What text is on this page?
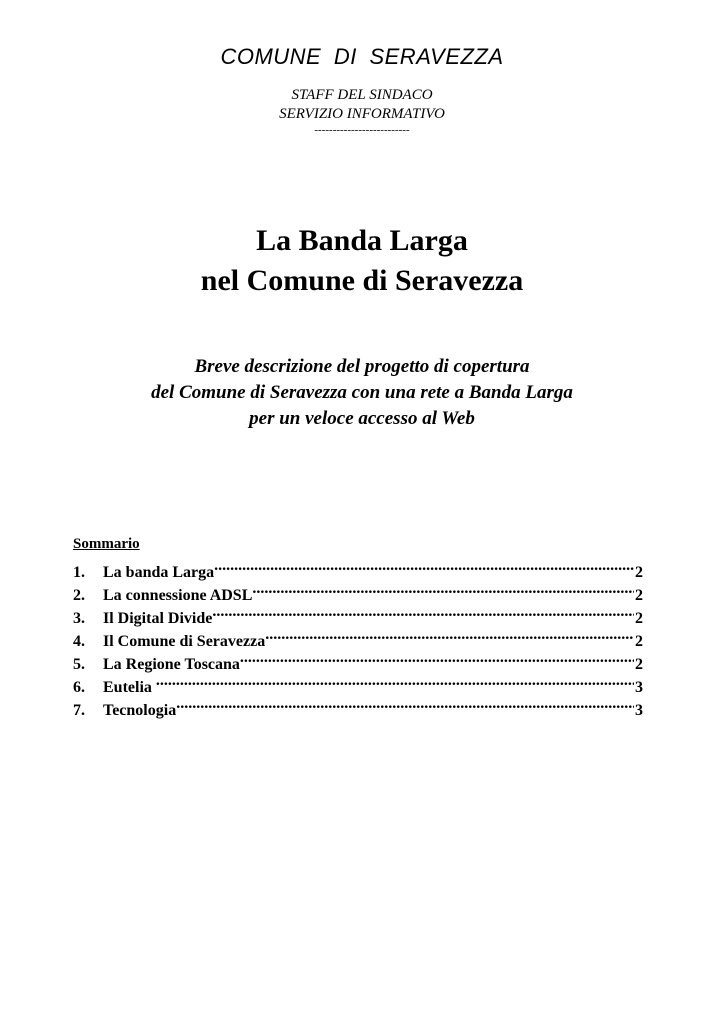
COMUNE DI SERAVEZZA
STAFF DEL SINDACO
SERVIZIO INFORMATIVO
--------------------------
La Banda Larga
nel Comune di Seravezza
Breve descrizione del progetto di copertura
del Comune di Seravezza con una rete a Banda Larga
per un veloce accesso al Web
Sommario
1.	La banda Larga .....	2
2.	La connessione ADSL .....	2
3.	Il Digital Divide .....	2
4.	Il Comune di Seravezza .....	2
5.	La Regione Toscana .....	2
6.	Eutelia .....	3
7.	Tecnologia .....	3
